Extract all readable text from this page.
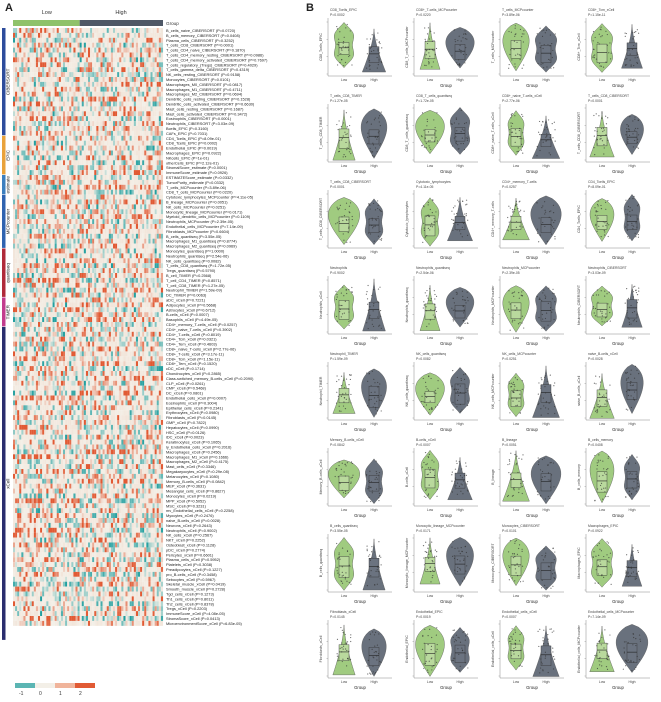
A	B
Low	High
Group
CIBERSORT
EPIC
estimate
MCPcounter
quantiseq
TIMER
xCell
B_cells_naive_CIBERSORT (P=0.0720)
B_cells_memory_CIBERSORT (P=0.0408)
Plasma_cells_CIBERSORT (P=0.3252)
T_cells_CD8_CIBERSORT (P=0.0001)
T_cells_CD4_naive_CIBERSORT (P=0.1870)
T_cells_CD4_memory_resting_CIBERSORT (P=0.0986)
T_cells_CD4_memory_activated_CIBERSORT (P=0.7697)
T_cells_regulatory_(Tregs)_CIBERSORT (P=0.4029)
T_cells_gamma_delta_CIBERSORT (P=0.4319)
NK_cells_resting_CIBERSORT (P=0.9158)
Monocytes_CIBERSORT (P=0.0101)
Macrophages_M0_CIBERSORT (P=0.0817)
Macrophages_M1_CIBERSORT (P=0.4711)
Macrophages_M2_CIBERSORT (P=0.0694)
Dendritic_cells_resting_CIBERSORT (P=0.1528)
Dendritic_cells_activated_CIBERSORT (P=0.6630)
Mast_cells_resting_CIBERSORT (P=0.1687)
Mast_cells_activated_CIBERSORT (P=0.3472)
Eosinophils_CIBERSORT (P=0.0001)
Neutrophils_CIBERSORT (P=3.03e-09)
Bcells_EPIC (P=0.3160)
CAFs_EPIC (P=0.7031)
CD4_Tcells_EPIC (P=8.09e-01)
CD8_Tcells_EPIC (P=0.0002)
Endothelial_EPIC (P=0.0019)
Macrophages_EPIC (P=0.0922)
NKcells_EPIC (P=1e-01)
otherCells_EPIC (P=2.12e-01)
StromalScore_estimate (P=0.0001)
ImmuneScore_estimate (P=0.0926)
ESTIMATEScore_estimate (P=0.0332)
TumorPurity_estimate (P=0.0332)
T_cells_MCPcounter (P=3.89e-06)
CD8_T_cells_MCPcounter (P=0.0220)
Cytotoxic_lymphocytes_MCPcounter (P=4.11e-05)
B_lineage_MCPcounter (P=0.0051)
NK_cells_MCPcounter (P=0.0251)
Monocytic_lineage_MCPcounter (P=0.0171)
Myeloid_dendritic_cells_MCPcounter (P=0.1109)
Neutrophils_MCPcounter (P=2.39e-05)
Endothelial_cells_MCPcounter (P=7.14e-09)
Fibroblasts_MCPcounter (P=0.6604)
B_cells_quantiseq (P=3.55e-05)
Macrophages_M1_quantiseq (P=0.8774)
Macrophages_M2_quantiseq (P=0.0969)
Monocytes_quantiseq (P=1.0000)
Neutrophils_quantiseq (P=2.54e-06)
NK_cells_quantiseq (P=0.0082)
T_cells_CD8_quantiseq (P=1.72e-05)
Tregs_quantiseq (P=0.5790)
B_cell_TIMER (P=0.2568)
T_cell_CD4_TIMER (P=0.8571)
T_cell_CD8_TIMER (P=1.27e-05)
Neutrophil_TIMER (P=1.59e-09)
DC_TIMER (P=0.0063)
aDC_xCell (P=0.7221)
Adipocytes_xCell (P=0.5668)
Astrocytes_xCell (P=0.6712)
B-cells_xCell (P=0.0007)
Basophils_xCell (P=4.49e-05)
CD4+_memory_T-cells_xCell (P=0.0257)
CD4+_naive_T-cells_xCell (P=0.3902)
CD4+_T-cells_xCell (P=0.8019)
CD4+_Tcm_xCell (P=0.0321)
CD4+_Tem_xCell (P=0.4603)
CD8+_naive_T-cells_xCell (P=2.77e-06)
CD8+_T-cells_xCell (P=3.17e-11)
CD8+_Tcm_xCell (P=1.15e-11)
CD8+_Tem_xCell (P=0.1520)
cDC_xCell (P=0.1714)
Chondrocytes_xCell (P=0.2865)
Class-switched_memory_B-cells_xCell (P=0.2090)
CLP_xCell (P=0.0261)
CMP_xCell (P=0.5468)
DC_xCell (P=0.0801)
Endothelial_cells_xCell (P=0.0007)
Eosinophils_xCell (P=0.3004)
Epithelial_cells_xCell (P=0.2341)
Erythrocytes_xCell (P=0.0980)
Fibroblasts_xCell (P=0.0145)
GMP_xCell (P=0.7822)
Hepatocytes_xCell (P=0.0990)
HSC_xCell (P=0.0126)
iDC_xCell (P=0.0023)
Keratinocytes_xCell (P=0.1065)
ly_Endothelial_cells_xCell (P=0.2016)
Macrophages_xCell (P=0.2456)
Macrophages_M1_xCell (P=0.1666)
Macrophages_M2_xCell (P=0.4175)
Mast_cells_xCell (P=0.3346)
Megakaryocytes_xCell (P=0.29e-08)
Melanocytes_xCell (P=0.1080)
Memory_B-cells_xCell (P=0.0842)
MEP_xCell (P=0.3631)
Mesangial_cells_xCell (P=0.8627)
Monocytes_xCell (P=0.0219)
MPP_xCell (P=0.5052)
MSC_xCell (P=0.3231)
mv_Endothelial_cells_xCell (P=0.2258)
Myocytes_xCell (P=0.2476)
naive_B-cells_xCell (P=0.0028)
Neurons_xCell (P=0.2643)
Neutrophils_xCell (P=0.9002)
NK_cells_xCell (P=0.2567)
NKT_xCell (P=0.2252)
Osteoblast_xCell (P=0.1128)
pDC_xCell (P=0.2774)
Pericytes_xCell (P=0.6601)
Plasma_cells_xCell (P=0.5952)
Platelets_xCell (P=0.3038)
Preadipocytes_xCell (P=0.1227)
pro_B-cells_xCell (P=0.3458)
Sebocytes_xCell (P=0.5967)
Skeletal_muscle_xCell (P=0.0419)
Smooth_muscle_xCell (P=0.2728)
Tgd_cells_xCell (P=0.1273)
Th1_cells_xCell (P=0.8011)
Th2_cells_xCell (P=0.8378)
Tregs_xCell (P=0.2203)
ImmuneScore_xCell (P=4.08e-05)
StromaScore_xCell (P=0.0413)
MicroenvironmentScore_xCell (P=6.83e-05)
-1	0	1	2
CD8_Tcells_EPIC
P=0.0002
CD8_Tcells_EPIC
Low	High
Group
CD8+_T-cells_MCPcounter
P=0.0220
CD8_T_cells_MCPcounter
Low	High
Group
T_cells_MCPcounter
P=3.89e-06
T_cells_MCPcounter
Low	High
Group
CD8+_Tcm_xCell
P=1.15e-11
CD8+_Tcm_xCell
Low	High
Group
T_cells_CD8_TIMER
P=1.27e-05
T_cells_CD8_TIMER
Low	High
Group
CD8_T_cells_quantiseq
P=1.72e-05
CD8_T_cells_quantiseq
Low	High
Group
CD8+_naive_T-cells_xCell
P=2.77e-06
CD8+_naive_T-cells_xCell
Low	High
Group
T_cells_CD8_CIBERSORT
P=0.0001
T_cells_CD8_CIBERSORT
Low	High
Group
T_cells_CD8_CIBERSORT
P=0.0001
T_cells_CD8_CIBERSORT
Low	High
Group
Cytotoxic_lymphocytes
P=4.11e-05
Cytotoxic_lymphocytes
Low	High
Group
CD4+_memory_T-cells
P=0.0257
CD4+_memory_T-cells
Low	High
Group
CD4_Tcells_EPIC
P=8.09e-01
CD4_Tcells_EPIC
Low	High
Group
Neutrophils
P=0.9002
Neutrophils_xCell
Low	High
Group
Neutrophils_quantiseq
P=2.54e-06
Neutrophils_quantiseq
Low	High
Group
Neutrophils_MCPcounter
P=2.39e-05
Neutrophils_MCPcounter
Low	High
Group
Neutrophils_CIBERSORT
P=3.03e-09
Neutrophils_CIBERSORT
Low	High
Group
Neutrophil_TIMER
P=1.59e-09
Neutrophil_TIMER
Low	High
Group
NK_cells_quantiseq
P=0.0082
NK_cells_quantiseq
Low	High
Group
NK_cells_MCPcounter
P=0.0251
NK_cells_MCPcounter
Low	High
Group
naive_B-cells_xCell
P=0.0028
naive_B-cells_xCell
Low	High
Group
Memory_B-cells_xCell
P=0.0842
Memory_B-cells_xCell
Low	High
Group
B-cells_xCell
P=0.0007
B-cells_xCell
Low	High
Group
B_lineage
P=0.0051
B_lineage
Low	High
Group
B_cells_memory
P=0.0408
B_cells_memory
Low	High
Group
B_cells_quantiseq
P=3.55e-05
B_cells_quantiseq
Low	High
Group
Monocytic_lineage_MCPcounter
P=0.0171
Monocytic_lineage_MCPcounter
Low	High
Group
Monocytes_CIBERSORT
P=0.0101
Monocytes_CIBERSORT
Low	High
Group
Macrophages_EPIC
P=0.0922
Macrophages_EPIC
Low	High
Group
Fibroblasts_xCell
P=0.0145
Fibroblasts_xCell
Low	High
Group
Endothelial_EPIC
P=0.0019
Endothelial_EPIC
Low	High
Group
Endothelial_cells_xCell
P=0.0007
Endothelial_cells_xCell
Low	High
Group
Endothelial_cells_MCPcounter
P=7.14e-09
Endothelial_cells_MCPcounter
Low	High
Group
